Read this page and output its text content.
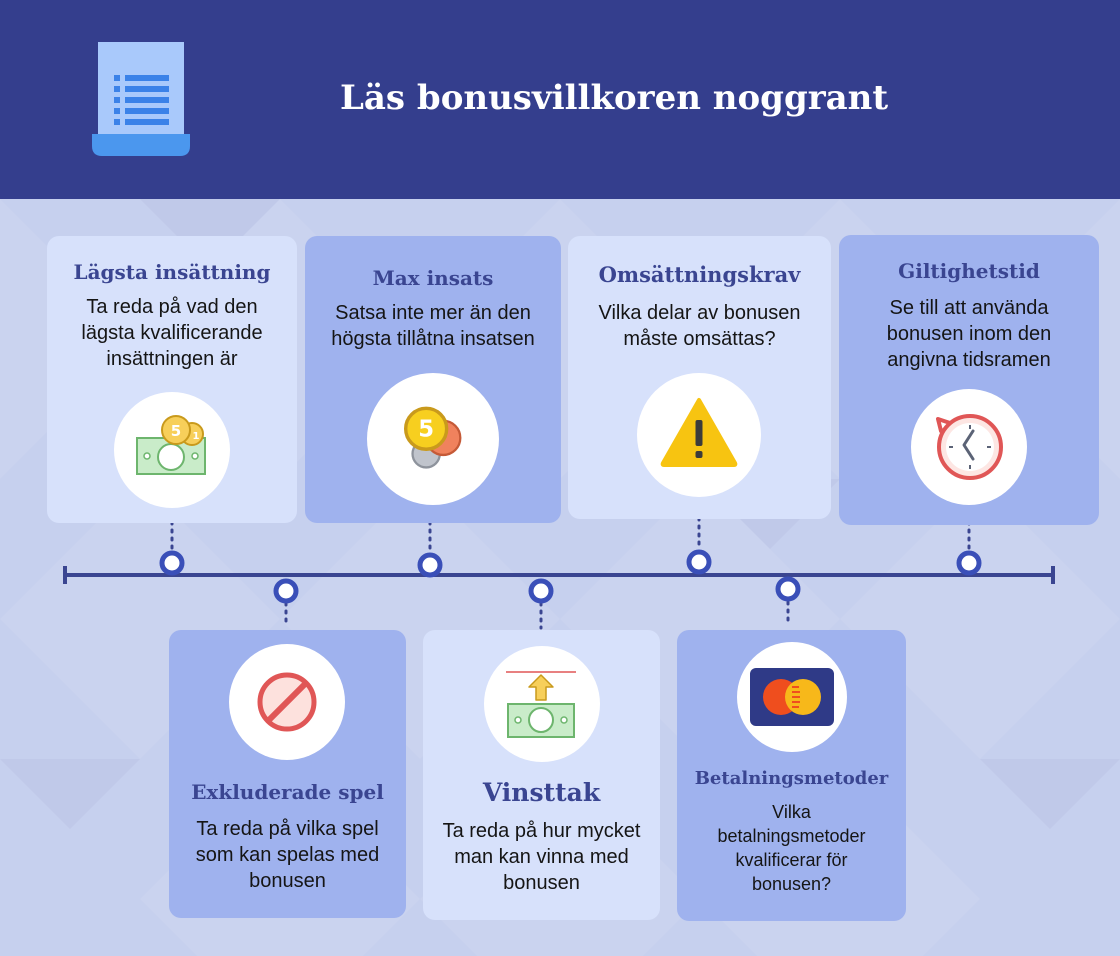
Läs bonusvillkoren noggrant
Lägsta insättning
Ta reda på vad den
lägsta kvalificerande
insättningen är
5 1
Max insats
Satsa inte mer än den
högsta tillåtna insatsen
5
Omsättningskrav
Vilka delar av bonusen
måste omsättas?
Giltighetstid
Se till att använda
bonusen inom den
angivna tidsramen
Exkluderade spel
Ta reda på vilka spel
som kan spelas med
bonusen
Vinsttak
Ta reda på hur mycket
man kan vinna med
bonusen
Betalningsmetoder
Vilka
betalningsmetoder
kvalificerar för
bonusen?
